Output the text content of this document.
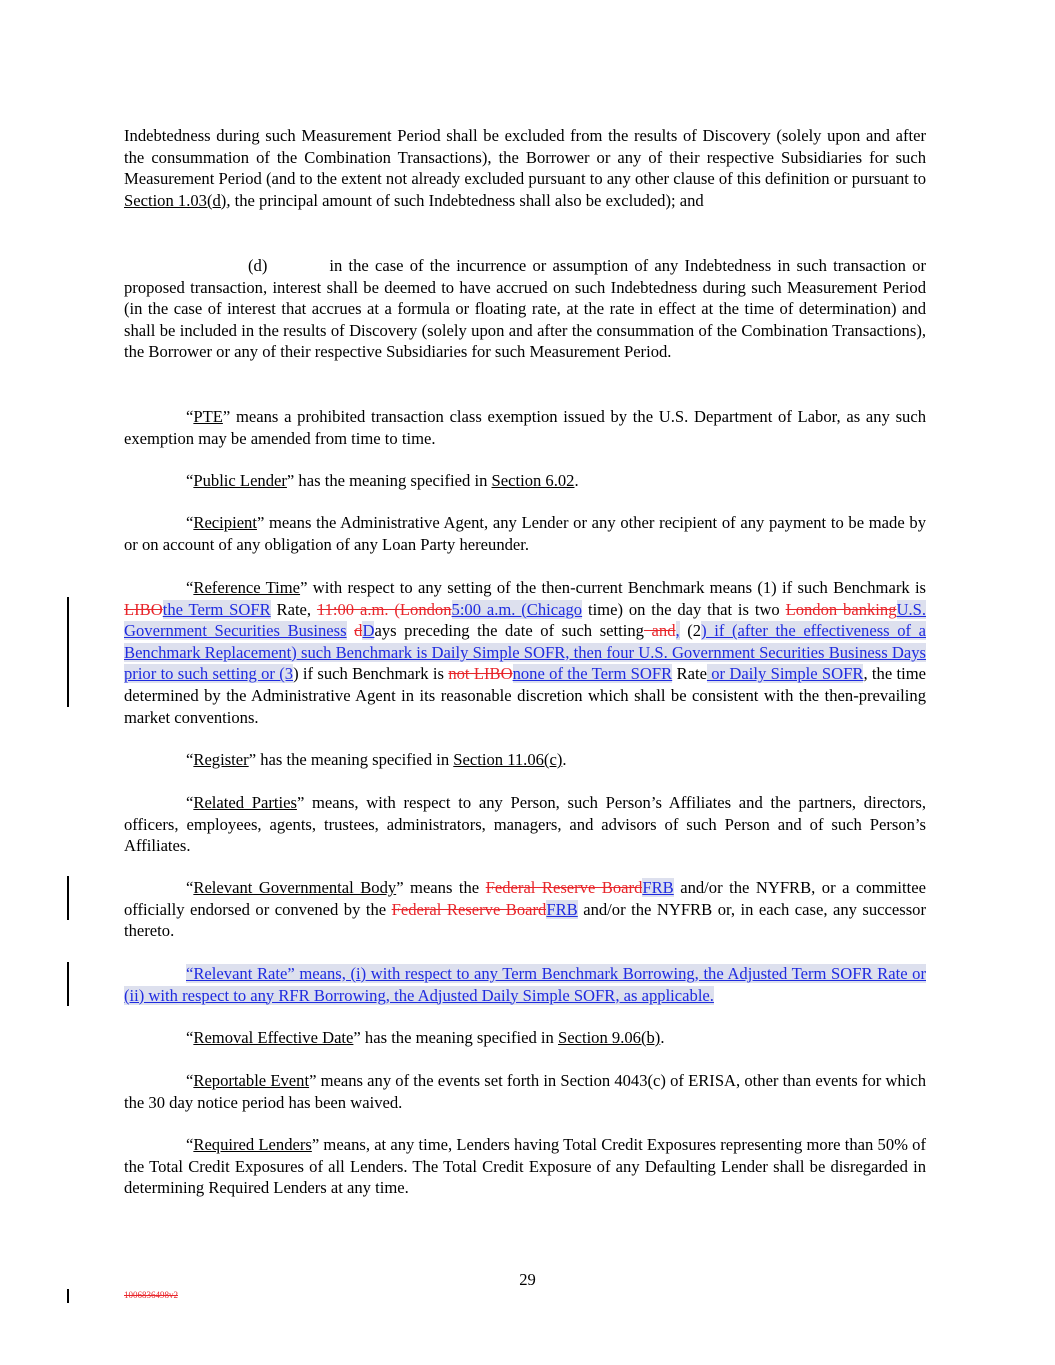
Indebtedness during such Measurement Period shall be excluded from the results of Discovery (solely upon and after the consummation of the Combination Transactions), the Borrower or any of their respective Subsidiaries for such Measurement Period (and to the extent not already excluded pursuant to any other clause of this definition or pursuant to Section 1.03(d), the principal amount of such Indebtedness shall also be excluded); and

(d)	in the case of the incurrence or assumption of any Indebtedness in such transaction or proposed transaction, interest shall be deemed to have accrued on such Indebtedness during such Measurement Period (in the case of interest that accrues at a formula or floating rate, at the rate in effect at the time of determination) and shall be included in the results of Discovery (solely upon and after the consummation of the Combination Transactions), the Borrower or any of their respective Subsidiaries for such Measurement Period.

“PTE” means a prohibited transaction class exemption issued by the U.S. Department of Labor, as any such exemption may be amended from time to time.

“Public Lender” has the meaning specified in Section 6.02.

“Recipient” means the Administrative Agent, any Lender or any other recipient of any payment to be made by or on account of any obligation of any Loan Party hereunder.

“Reference Time” with respect to any setting of the then-current Benchmark means (1) if such Benchmark is LIBOthe Term SOFR Rate, 11:00 a.m. (London5:00 a.m. (Chicago time) on the day that is two London bankingU.S. Government Securities Business dDays preceding the date of such setting and, (2) if (after the effectiveness of a Benchmark Replacement) such Benchmark is Daily Simple SOFR, then four U.S. Government Securities Business Days prior to such setting or (3) if such Benchmark is not LIBOnone of the Term SOFR Rate or Daily Simple SOFR, the time determined by the Administrative Agent in its reasonable discretion which shall be consistent with the then-prevailing market conventions.

“Register” has the meaning specified in Section 11.06(c).

“Related Parties” means, with respect to any Person, such Person’s Affiliates and the partners, directors, officers, employees, agents, trustees, administrators, managers, and advisors of such Person and of such Person’s Affiliates.

“Relevant Governmental Body” means the Federal Reserve BoardFRB and/or the NYFRB, or a committee officially endorsed or convened by the Federal Reserve BoardFRB and/or the NYFRB or, in each case, any successor thereto.

“Relevant Rate” means, (i) with respect to any Term Benchmark Borrowing, the Adjusted Term SOFR Rate or (ii) with respect to any RFR Borrowing, the Adjusted Daily Simple SOFR, as applicable.

“Removal Effective Date” has the meaning specified in Section 9.06(b).

“Reportable Event” means any of the events set forth in Section 4043(c) of ERISA, other than events for which the 30 day notice period has been waived.

“Required Lenders” means, at any time, Lenders having Total Credit Exposures representing more than 50% of the Total Credit Exposures of all Lenders. The Total Credit Exposure of any Defaulting Lender shall be disregarded in determining Required Lenders at any time.

29
1006836498v2
